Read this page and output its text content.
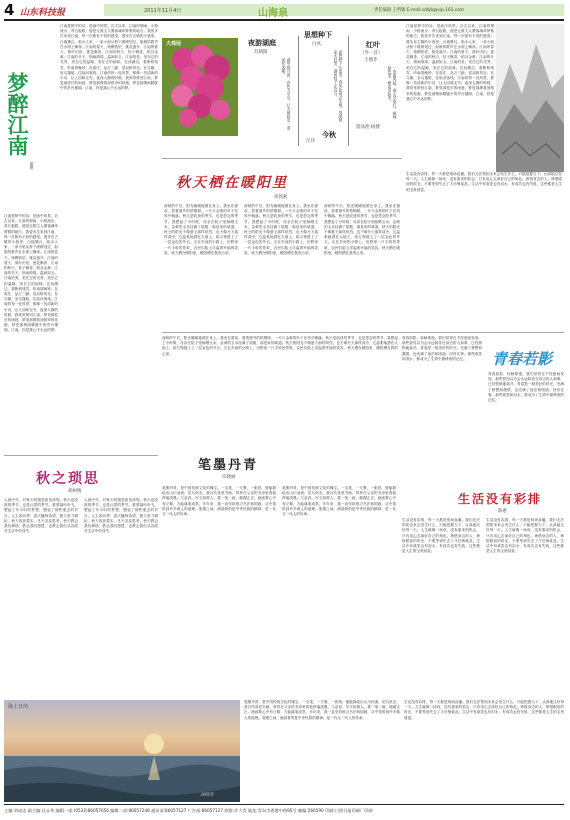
4 山东科技报	2011年11月4日	山海泉	责任编辑 王哲敏 E-mail:sdkjb@vip.163.com
梦醉江南
黄建
江南是梦中的诗，是画中的景。自古以来，江南的烟雨、小桥流水、青石板路，便是无数文人墨客魂牵梦萦的地方。我曾多次来到江南，每一次都有不同的感受。漫步在古镇的小巷里，白墙黛瓦，临水人家，一条小船从桥下缓缓划过，船娘的歌声在水面上飘荡。江南的春天，杨柳依依，桃花盛开；江南的夏天，荷叶田田，莲花飘香；江南的秋天，桂子飘香，稻谷金黄；江南的冬天，细雨绵绵，温润如玉。江南的美，美在它的灵秀，美在它的温婉，美在它的韵味。在西湖边，看断桥残雪，听南屏晚钟；在周庄，品万三蹄，赏双桥风光；在乌镇，坐乌篷船，住临河客栈。江南的每一处风景，都像一首清新的小诗，让人回味无穷。夜深人静的时候，我常常梦回江南，梦见那悠长的雨巷，梦见那撑着油纸伞的姑娘，梦见那烟雨朦胧中的亭台楼阁。江南，你是我心中永远的梦。
江南是梦中的诗，是画中的景。自古以来，江南的烟雨、小桥流水、青石板路，便是无数文人墨客魂牵梦萦的地方。我曾多次来到江南，每一次都有不同的感受。漫步在古镇的小巷里，白墙黛瓦，临水人家，一条小船从桥下缓缓划过，船娘的歌声在水面上飘荡。江南的春天，杨柳依依，桃花盛开；江南的夏天，荷叶田田，莲花飘香；江南的秋天，桂子飘香，稻谷金黄；江南的冬天，细雨绵绵，温润如玉。江南的美，美在它的灵秀，美在它的温婉，美在它的韵味。在西湖边，看断桥残雪，听南屏晚钟；在周庄，品万三蹄，赏双桥风光；在乌镇，坐乌篷船，住临河客栈。江南的每一处风景，都像一首清新的小诗，让人回味无穷。夜深人静的时候，我常常梦回江南，梦见那悠长的雨巷，梦见那撑着油纸伞的姑娘，梦见那烟雨朦胧中的亭台楼阁。江南，你是我心中永远的梦。
大鸡冠	夜游湖庭
苏朝阳
湖中烟月淡，夜色入平川。灯火照秋水，清风吹客船。
思想种下
白风
思想种下心田里，春风化雨自生根。莫道秋来无好景，满园桂子正芬芬。
今秋
汪洋
红叶
（外一首）
王德步
一夜霜风起，满山尽染红。枫林秋色里，醉看夕阳中。
游泳池·杨楼
秋天栖在暖阳里
孙凯莉
深秋的午后，阳光暖暖地照在身上。我坐在窗前，看着窗外的梧桐树，一片片金黄的叶子在风中飘落。秋天是收获的季节，也是思念的季节。我想起了小时候，母亲在院子里晾晒玉米，金黄的玉米挂满了屋檐，那是家的味道。秋天的阳光不像夏天那样炽烈，也不像冬天那样清冷，它温柔地洒在大地上，给万物披上了一层金色的外衣。走在乡间的小路上，田野里一片丰收的景象，农民们脸上洋溢着幸福的笑容。秋天栖在暖阳里，暖阳栖在我的心里。
深秋的午后，阳光暖暖地照在身上。我坐在窗前，看着窗外的梧桐树，一片片金黄的叶子在风中飘落。秋天是收获的季节，也是思念的季节。我想起了小时候，母亲在院子里晾晒玉米，金黄的玉米挂满了屋檐，那是家的味道。秋天的阳光不像夏天那样炽烈，也不像冬天那样清冷，它温柔地洒在大地上，给万物披上了一层金色的外衣。走在乡间的小路上，田野里一片丰收的景象，农民们脸上洋溢着幸福的笑容。秋天栖在暖阳里，暖阳栖在我的心里。
深秋的午后，阳光暖暖地照在身上。我坐在窗前，看着窗外的梧桐树，一片片金黄的叶子在风中飘落。秋天是收获的季节，也是思念的季节。我想起了小时候，母亲在院子里晾晒玉米，金黄的玉米挂满了屋檐，那是家的味道。秋天的阳光不像夏天那样炽烈，也不像冬天那样清冷，它温柔地洒在大地上，给万物披上了一层金色的外衣。走在乡间的小路上，田野里一片丰收的景象，农民们脸上洋溢着幸福的笑容。秋天栖在暖阳里，暖阳栖在我的心里。
江南是梦中的诗，是画中的景。自古以来，江南的烟雨、小桥流水、青石板路，便是无数文人墨客魂牵梦萦的地方。我曾多次来到江南，每一次都有不同的感受。漫步在古镇的小巷里，白墙黛瓦，临水人家，一条小船从桥下缓缓划过，船娘的歌声在水面上飘荡。江南的春天，杨柳依依，桃花盛开；江南的夏天，荷叶田田，莲花飘香；江南的秋天，桂子飘香，稻谷金黄；江南的冬天，细雨绵绵，温润如玉。江南的美，美在它的灵秀，美在它的温婉，美在它的韵味。在西湖边，看断桥残雪，听南屏晚钟；在周庄，品万三蹄，赏双桥风光；在乌镇，坐乌篷船，住临河客栈。江南的每一处风景，都像一首清新的小诗，让人回味无穷。夜深人静的时候，我常常梦回江南，梦见那悠长的雨巷，梦见那撑着油纸伞的姑娘，梦见那烟雨朦胧中的亭台楼阁。江南，你是我心中永远的梦。
生活没有彩排，每一天都是现场直播。我们无法预知未来会发生什么，只能把握当下，认真地过好每一天。人生就像一场戏，没有重来的机会，只有用心去演好自己的角色。珍惜身边的人，珍惜眼前的时光，不要等到失去了才后悔莫及。生活中有欢笑也有泪水，有成功也有失败，这些都是人生的宝贵财富。
笔墨丹青
许晓丽
深秋的午后，阳光暖暖地照在身上。我坐在窗前，看着窗外的梧桐树，一片片金黄的叶子在风中飘落。秋天是收获的季节，也是思念的季节。我想起了小时候，母亲在院子里晾晒玉米，金黄的玉米挂满了屋檐，那是家的味道。秋天的阳光不像夏天那样炽烈，也不像冬天那样清冷，它温柔地洒在大地上，给万物披上了一层金色的外衣。走在乡间的小路上，田野里一片丰收的景象，农民们脸上洋溢着幸福的笑容。秋天栖在暖阳里，暖阳栖在我的心里。
笔墨丹青，是中国传统文化的瑰宝。一支笔，一方墨，一张纸，便能描绘出山川河流，花鸟鱼虫。我自幼喜爱书画，常常在父亲的书房里看他挥毫泼墨。父亲说，写字如做人，要一笔一画，端端正正。画画要心中有丘壑，方能落笔成景。多年来，我一直坚持练习书法和国画，从中领悟到许多做人的道理。笔墨之间，流淌着的是中华民族的精神，是一代又一代人的传承。
笔墨丹青，是中国传统文化的瑰宝。一支笔，一方墨，一张纸，便能描绘出山川河流，花鸟鱼虫。我自幼喜爱书画，常常在父亲的书房里看他挥毫泼墨。父亲说，写字如做人，要一笔一画，端端正正。画画要心中有丘壑，方能落笔成景。多年来，我一直坚持练习书法和国画，从中领悟到许多做人的道理。笔墨之间，流淌着的是中华民族的精神，是一代又一代人的传承。
秋之琐思
胡树梅
人到中年，对秋天的感觉愈发深刻。秋天是成熟的季节，也是反思的季节。看着落叶纷飞，想起了年少时的梦想，想起了那些逝去的岁月。人生如四季，春天播种希望，夏天努力耕耘，秋天收获果实，冬天沉淀思考。秋天教会我们珍惜，教会我们感恩，也教会我们从容面对生活中的得失。
人到中年，对秋天的感觉愈发深刻。秋天是成熟的季节，也是反思的季节。看着落叶纷飞，想起了年少时的梦想，想起了那些逝去的岁月。人生如四季，春天播种希望，夏天努力耕耘，秋天收获果实，冬天沉淀思考。秋天教会我们珍惜，教会我们感恩，也教会我们从容面对生活中的得失。
青春如影，转瞬即逝。我们常常在不经意间发现，那些曾经以为会永远陪伴在身边的人和事，已经悄悄地离开。青春是一段美好的时光，充满了梦想和激情，也充满了迷茫和困惑。回首往事，那些欢笑和泪水，都成为了生命中最珍贵的记忆。	青春若影
青春如影，转瞬即逝。我们常常在不经意间发现，那些曾经以为会永远陪伴在身边的人和事，已经悄悄地离开。青春是一段美好的时光，充满了梦想和激情，也充满了迷茫和困惑。回首往事，那些欢笑和泪水，都成为了生命中最珍贵的记忆。
生活没有彩排
陈惠
生活没有彩排，每一天都是现场直播。我们无法预知未来会发生什么，只能把握当下，认真地过好每一天。人生就像一场戏，没有重来的机会，只有用心去演好自己的角色。珍惜身边的人，珍惜眼前的时光，不要等到失去了才后悔莫及。生活中有欢笑也有泪水，有成功也有失败，这些都是人生的宝贵财富。
生活没有彩排，每一天都是现场直播。我们无法预知未来会发生什么，只能把握当下，认真地过好每一天。人生就像一场戏，没有重来的机会，只有用心去演好自己的角色。珍惜身边的人，珍惜眼前的时光，不要等到失去了才后悔莫及。生活中有欢笑也有泪水，有成功也有失败，这些都是人生的宝贵财富。
海上日出
刘绍华
笔墨丹青，是中国传统文化的瑰宝。一支笔，一方墨，一张纸，便能描绘出山川河流，花鸟鱼虫。我自幼喜爱书画，常常在父亲的书房里看他挥毫泼墨。父亲说，写字如做人，要一笔一画，端端正正。画画要心中有丘壑，方能落笔成景。多年来，我一直坚持练习书法和国画，从中领悟到许多做人的道理。笔墨之间，流淌着的是中华民族的精神，是一代又一代人的传承。
生活没有彩排，每一天都是现场直播。我们无法预知未来会发生什么，只能把握当下，认真地过好每一天。人生就像一场戏，没有重来的机会，只有用心去演好自己的角色。珍惜身边的人，珍惜眼前的时光，不要等到失去了才后悔莫及。生活中有欢笑也有泪水，有成功也有失败，这些都是人生的宝贵财富。
主编:刘成忠 副主编:任永华 编辑一部:(0532)86057656 编辑二部:86057246 通讯部:86057127 广告部:86057127 照排:许大青 地址:青岛市香港中路95号 邮编:266590 印刷:日照日报印刷厂印刷
